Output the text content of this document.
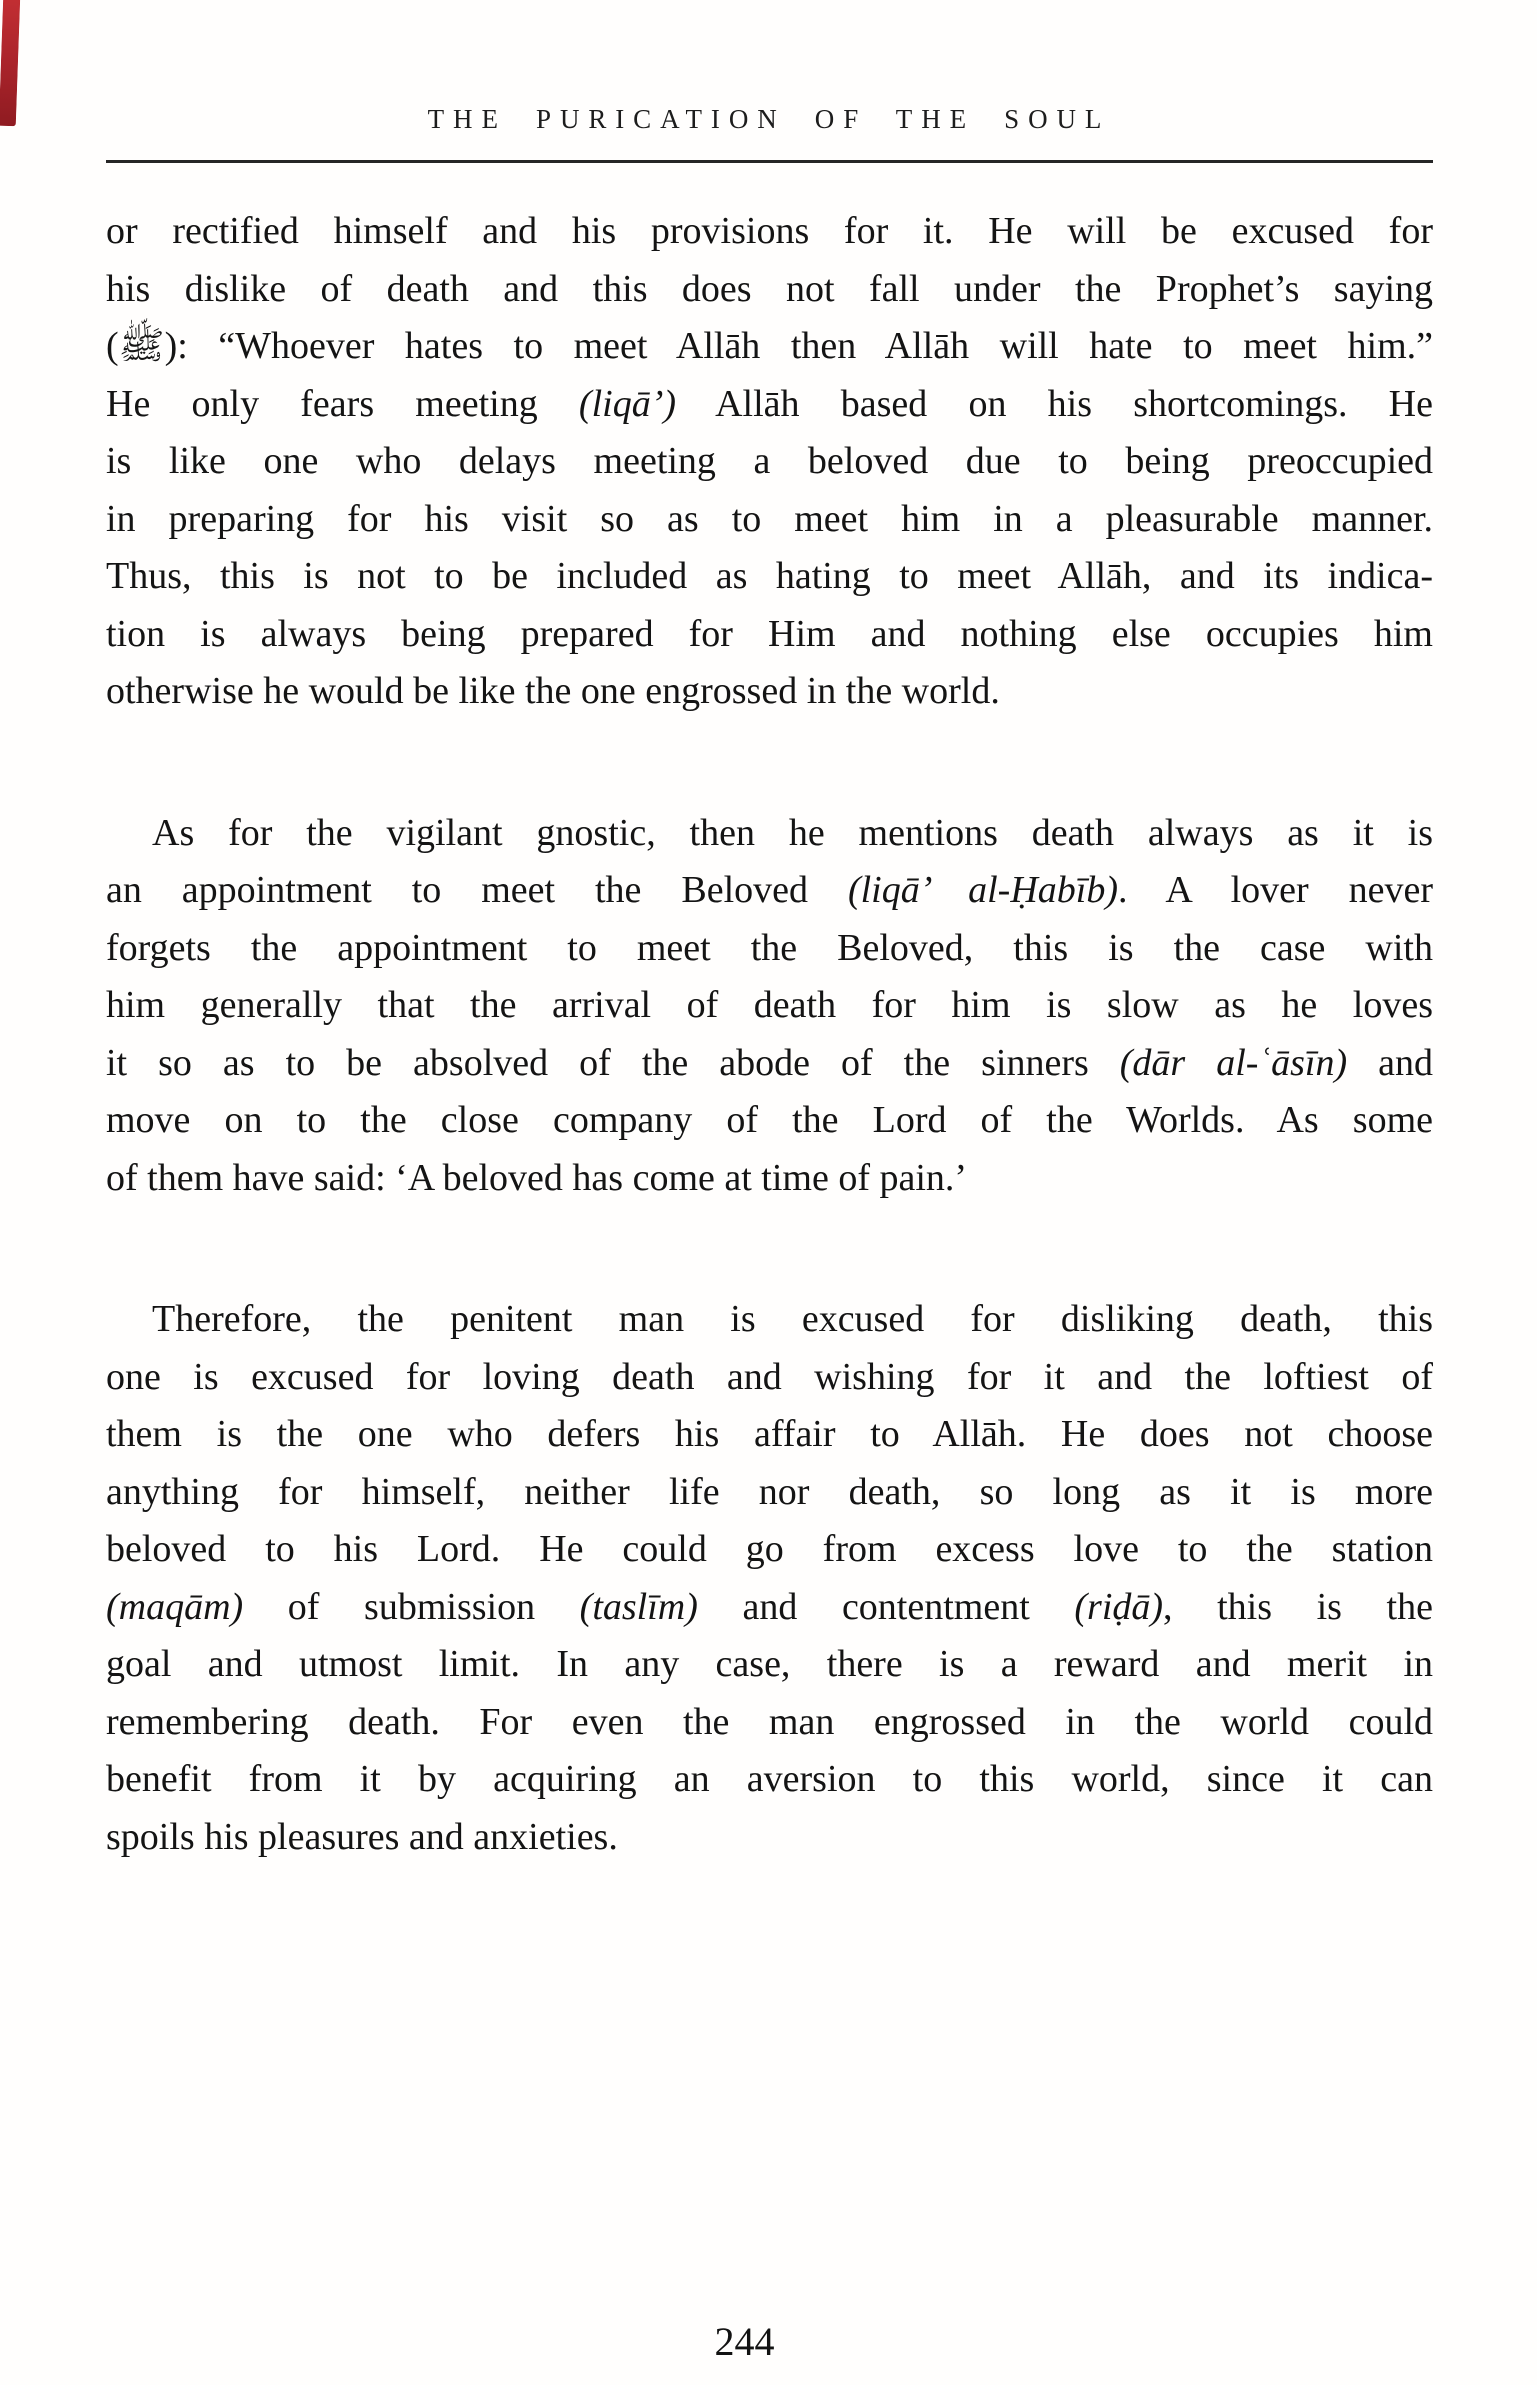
THE PURICATION OF THE SOUL
or rectified himself and his provisions for it. He will be excused for
his dislike of death and this does not fall under the Prophet’s saying
(ﷺ): “Whoever hates to meet Allāh then Allāh will hate to meet him.”
He only fears meeting (liqā’) Allāh based on his shortcomings. He
is like one who delays meeting a beloved due to being preoccupied
in preparing for his visit so as to meet him in a pleasurable manner.
Thus, this is not to be included as hating to meet Allāh, and its indica-
tion is always being prepared for Him and nothing else occupies him
otherwise he would be like the one engrossed in the world.
As for the vigilant gnostic, then he mentions death always as it is
an appointment to meet the Beloved (liqā’ al-Ḥabīb). A lover never
forgets the appointment to meet the Beloved, this is the case with
him generally that the arrival of death for him is slow as he loves
it so as to be absolved of the abode of the sinners (dār al-ʿāsīn) and
move on to the close company of the Lord of the Worlds. As some
of them have said: ‘A beloved has come at time of pain.’
Therefore, the penitent man is excused for disliking death, this
one is excused for loving death and wishing for it and the loftiest of
them is the one who defers his affair to Allāh. He does not choose
anything for himself, neither life nor death, so long as it is more
beloved to his Lord. He could go from excess love to the station
(maqām) of submission (taslīm) and contentment (riḍā), this is the
goal and utmost limit. In any case, there is a reward and merit in
remembering death. For even the man engrossed in the world could
benefit from it by acquiring an aversion to this world, since it can
spoils his pleasures and anxieties.
244
